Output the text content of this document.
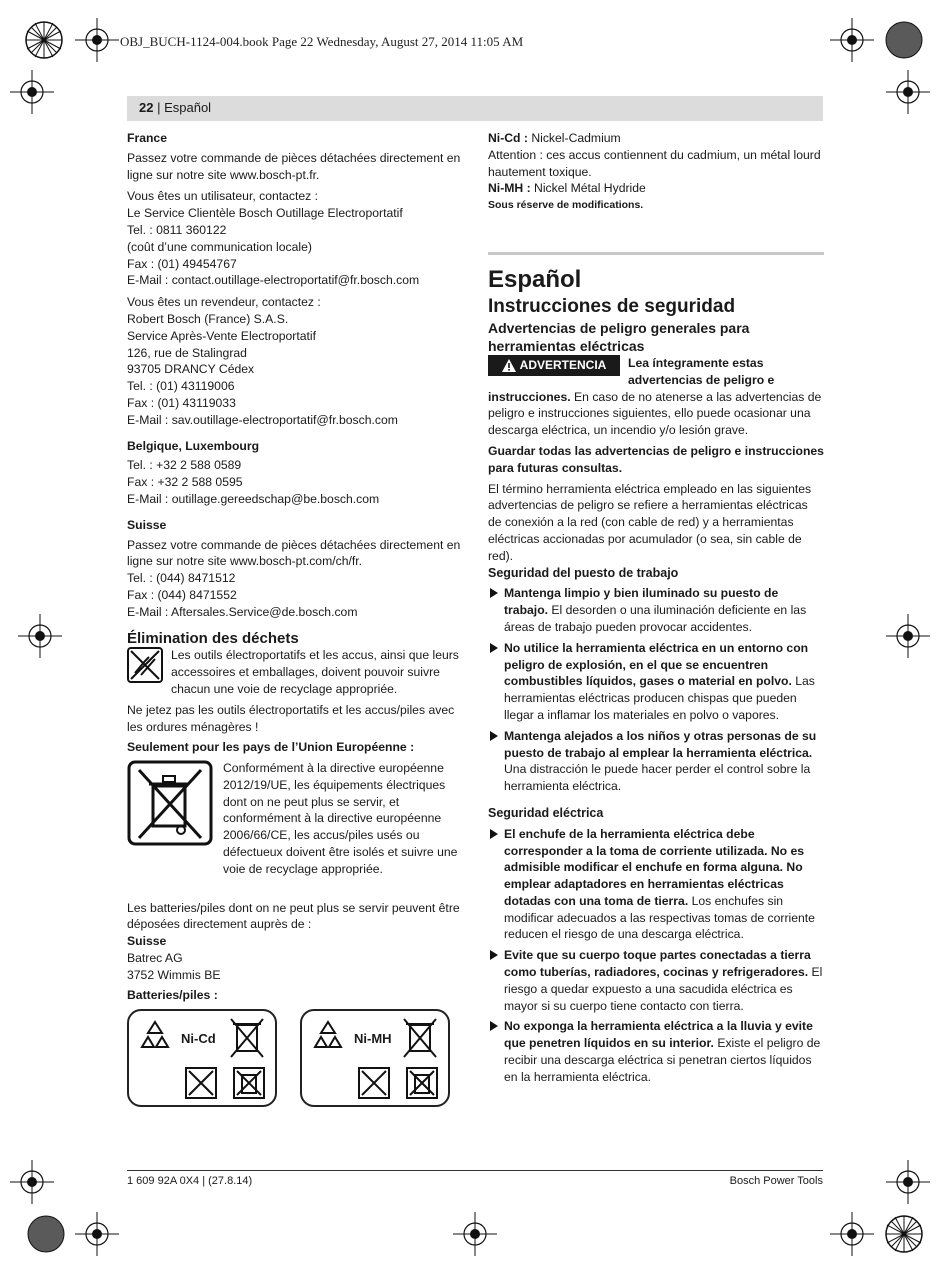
OBJ_BUCH-1124-004.book Page 22 Wednesday, August 27, 2014 11:05 AM
22 | Español

France

Passez votre commande de pièces détachées directement en ligne sur notre site www.bosch-pt.fr.

Vous êtes un utilisateur, contactez :

Le Service Clientèle Bosch Outillage Electroportatif

Tel. : 0811 360122

(coût d’une communication locale)

Fax : (01) 49454767

E-Mail : contact.outillage-electroportatif@fr.bosch.com

Vous êtes un revendeur, contactez :

Robert Bosch (France) S.A.S.

Service Après-Vente Electroportatif

126, rue de Stalingrad

93705 DRANCY Cédex

Tel. : (01) 43119006

Fax : (01) 43119033

E-Mail : sav.outillage-electroportatif@fr.bosch.com

Belgique, Luxembourg

Tel. : +32 2 588 0589

Fax : +32 2 588 0595

E-Mail : outillage.gereedschap@be.bosch.com

Suisse

Passez votre commande de pièces détachées directement en

ligne sur notre site www.bosch-pt.com/ch/fr.

Tel. : (044) 8471512

Fax : (044) 8471552

E-Mail : Aftersales.Service@de.bosch.com

Élimination des déchets

Les outils électroportatifs et les accus, ainsi que leurs accessoires et emballages, doivent pouvoir suivre chacun une voie de recyclage appropriée.

Ne jetez pas les outils électroportatifs et les accus/piles avec les ordures ménagères !

Seulement pour les pays de l’Union Européenne :

Conformément à la directive européenne 2012/19/UE, les équipements électriques dont on ne peut plus se servir, et conformément à la directive européenne 2006/66/CE, les accus/piles usés ou défectueux doivent être isolés et suivre une voie de recyclage appropriée.

Les batteries/piles dont on ne peut plus se servir peuvent être déposées directement auprès de :

Suisse

Batrec AG

3752 Wimmis BE

Batteries/piles :

Ni-Cd	Ni-MH

Ni-Cd : Nickel-Cadmium

Attention : ces accus contiennent du cadmium, un métal lourd hautement toxique.

Ni-MH : Nickel Métal Hydride

Sous réserve de modifications.

Español

Instrucciones de seguridad

Advertencias de peligro generales para herramientas eléctricas

ADVERTENCIA	Lea íntegramente estas advertencias de peligro e instrucciones. En caso de no atenerse a las advertencias de peligro e instrucciones siguientes, ello puede ocasionar una descarga eléctrica, un incendio y/o lesión grave.

Guardar todas las advertencias de peligro e instrucciones para futuras consultas.

El término herramienta eléctrica empleado en las siguientes advertencias de peligro se refiere a herramientas eléctricas de conexión a la red (con cable de red) y a herramientas eléctricas accionadas por acumulador (o sea, sin cable de red).

Seguridad del puesto de trabajo

Mantenga limpio y bien iluminado su puesto de trabajo. El desorden o una iluminación deficiente en las áreas de trabajo pueden provocar accidentes.
No utilice la herramienta eléctrica en un entorno con peligro de explosión, en el que se encuentren combustibles líquidos, gases o material en polvo. Las herramientas eléctricas producen chispas que pueden llegar a inflamar los materiales en polvo o vapores.
Mantenga alejados a los niños y otras personas de su puesto de trabajo al emplear la herramienta eléctrica. Una distracción le puede hacer perder el control sobre la herramienta eléctrica.

Seguridad eléctrica

El enchufe de la herramienta eléctrica debe corresponder a la toma de corriente utilizada. No es admisible modificar el enchufe en forma alguna. No emplear adaptadores en herramientas eléctricas dotadas con una toma de tierra. Los enchufes sin modificar adecuados a las respectivas tomas de corriente reducen el riesgo de una descarga eléctrica.
Evite que su cuerpo toque partes conectadas a tierra como tuberías, radiadores, cocinas y refrigeradores. El riesgo a quedar expuesto a una sacudida eléctrica es mayor si su cuerpo tiene contacto con tierra.
No exponga la herramienta eléctrica a la lluvia y evite que penetren líquidos en su interior. Existe el peligro de recibir una descarga eléctrica si penetran ciertos líquidos en la herramienta eléctrica.
1 609 92A 0X4 | (27.8.14)	Bosch Power Tools
